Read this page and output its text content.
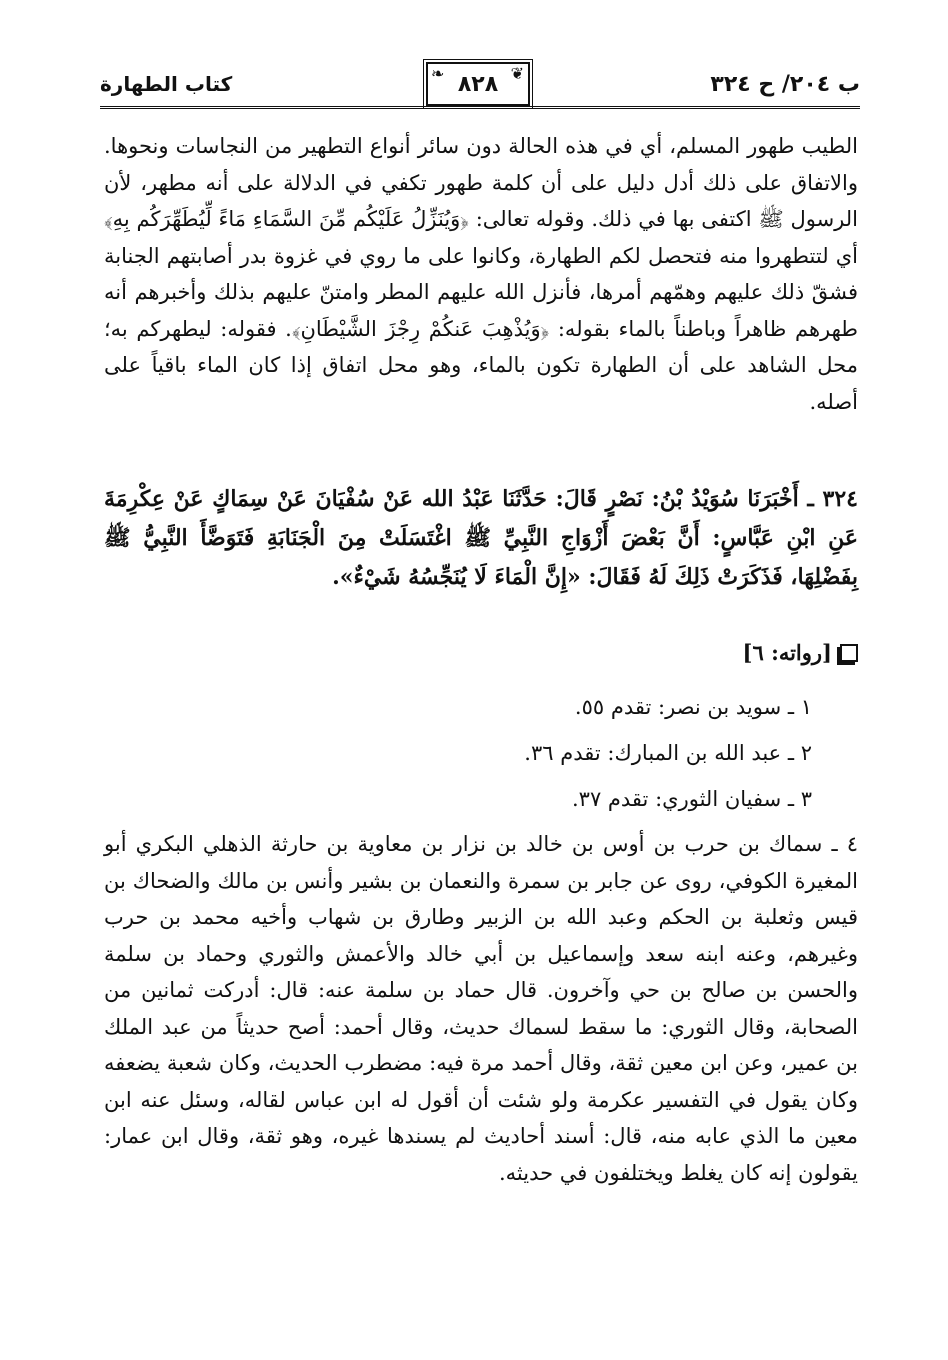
ب ٢٠٤/ ح ٣٢٤
❦
٨٢٨
❧
كتاب الطهارة

الطيب طهور المسلم، أي في هذه الحالة دون سائر أنواع التطهير من النجاسات ونحوها. والاتفاق على ذلك أدل دليل على أن كلمة طهور تكفي في الدلالة على أنه مطهر، لأن الرسول ﷺ اكتفى بها في ذلك. وقوله تعالى: ﴿وَيُنَزِّلُ عَلَيْكُم مِّنَ السَّمَاءِ مَاءً لِّيُطَهِّرَكُم بِهِ﴾ أي لتتطهروا منه فتحصل لكم الطهارة، وكانوا على ما روي في غزوة بدر أصابتهم الجنابة فشقّ ذلك عليهم وهمّهم أمرها، فأنزل الله عليهم المطر وامتنّ عليهم بذلك وأخبرهم أنه طهرهم ظاهراً وباطناً بالماء بقوله: ﴿وَيُذْهِبَ عَنكُمْ رِجْزَ الشَّيْطَانِ﴾. فقوله: ليطهركم به؛ محل الشاهد على أن الطهارة تكون بالماء، وهو محل اتفاق إذا كان الماء باقياً على أصله.

٣٢٤ ـ أَخْبَرَنَا سُوَيْدُ بْنُ: نَصْرٍ قَالَ: حَدَّثَنَا عَبْدُ الله عَنْ سُفْيَانَ عَنْ سِمَاكٍ عَنْ عِكْرِمَةَ عَنِ ابْنِ عَبَّاسٍ: أَنَّ بَعْضَ أَزْوَاجِ النَّبِيِّ ﷺ اغْتَسَلَتْ مِنَ الْجَنَابَةِ فَتَوَضَّأَ النَّبِيُّ ﷺ بِفَضْلِهَا، فَذَكَرَتْ ذَلِكَ لَهُ فَقَالَ: «إِنَّ الْمَاءَ لَا يُنَجِّسُهُ شَيْءٌ».

[رواته: ٦]
١ ـ سويد بن نصر: تقدم ٥٥.
٢ ـ عبد الله بن المبارك: تقدم ٣٦.
٣ ـ سفيان الثوري: تقدم ٣٧.

٤ ـ سماك بن حرب بن أوس بن خالد بن نزار بن معاوية بن حارثة الذهلي البكري أبو المغيرة الكوفي، روى عن جابر بن سمرة والنعمان بن بشير وأنس بن مالك والضحاك بن قيس وثعلبة بن الحكم وعبد الله بن الزبير وطارق بن شهاب وأخيه محمد بن حرب وغيرهم، وعنه ابنه سعد وإسماعيل بن أبي خالد والأعمش والثوري وحماد بن سلمة والحسن بن صالح بن حي وآخرون. قال حماد بن سلمة عنه: قال: أدركت ثمانين من الصحابة، وقال الثوري: ما سقط لسماك حديث، وقال أحمد: أصح حديثاً من عبد الملك بن عمير، وعن ابن معين ثقة، وقال أحمد مرة فيه: مضطرب الحديث، وكان شعبة يضعفه وكان يقول في التفسير عكرمة ولو شئت أن أقول له ابن عباس لقاله، وسئل عنه ابن معين ما الذي عابه منه، قال: أسند أحاديث لم يسندها غيره، وهو ثقة، وقال ابن عمار: يقولون إنه كان يغلط ويختلفون في حديثه.
